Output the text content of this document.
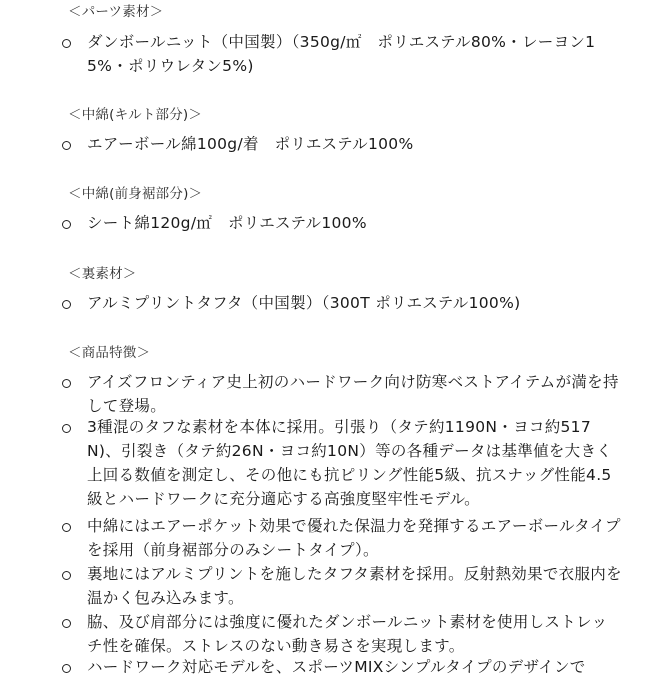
＜パーツ素材＞
ダンボールニット（中国製）（350g/㎡　ポリエステル80%・レーヨン15%・ポリウレタン5%)
＜中綿(キルト部分)＞
エアーボール綿100g/着　ポリエステル100%
＜中綿(前身裾部分)＞
シート綿120g/㎡　ポリエステル100%
＜裏素材＞
アルミプリントタフタ（中国製）（300T ポリエステル100%)
＜商品特徴＞
アイズフロンティア史上初のハードワーク向け防寒ベストアイテムが満を持して登場。
3種混のタフな素材を本体に採用。引張り（タテ約1190N・ヨコ約517N)、引裂き（タテ約26N・ヨコ約10N）等の各種データは基準値を大きく上回る数値を測定し、その他にも抗ピリング性能5級、抗スナッグ性能4.5級とハードワークに充分適応する高強度堅牢性モデル。
中綿にはエアーポケット効果で優れた保温力を発揮するエアーボールタイプを採用（前身裾部分のみシートタイプ）。
裏地にはアルミプリントを施したタフタ素材を採用。反射熱効果で衣服内を温かく包み込みます。
脇、及び肩部分には強度に優れたダンボールニット素材を使用しストレッチ性を確保。ストレスのない動き易さを実現します。
ハードワーク対応モデルを、スポーツMIXシンプルタイプのデザインで
